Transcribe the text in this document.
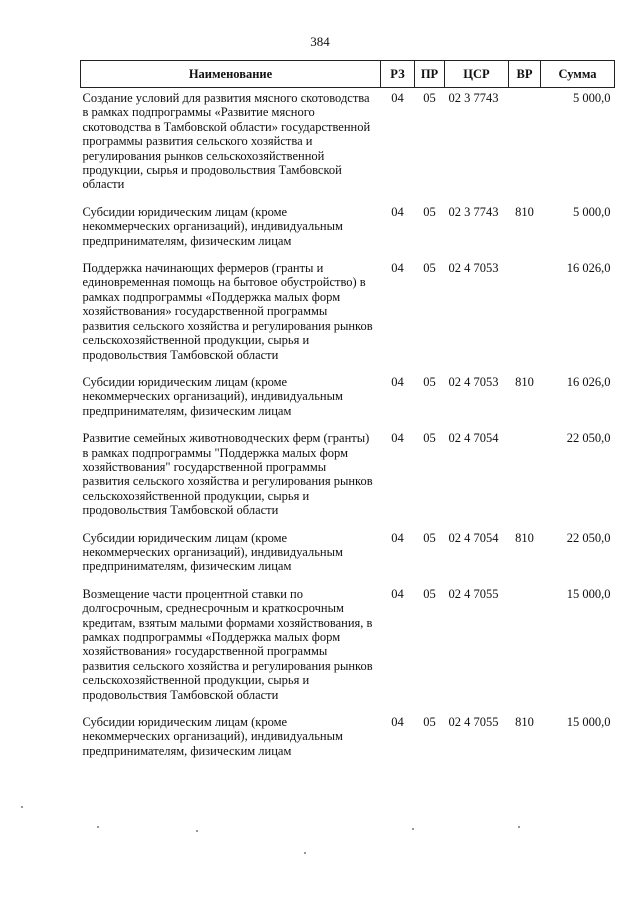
384
Наименование	РЗ	ПР	ЦСР	ВР	Сумма
Создание условий для развития мясного скотоводства в рамках подпрограммы «Развитие мясного скотоводства в Тамбовской области» государственной программы развития сельского хозяйства и регулирования рынков сельскохозяйственной продукции, сырья и продовольствия Тамбовской области	04	05	02 3 7743		5 000,0
Субсидии юридическим лицам (кроме некоммерческих организаций), индивидуальным предпринимателям, физическим лицам	04	05	02 3 7743	810	5 000,0
Поддержка начинающих фермеров (гранты и единовременная помощь на бытовое обустройство) в рамках подпрограммы «Поддержка малых форм хозяйствования» государственной программы развития сельского хозяйства и регулирования рынков сельскохозяйственной продукции, сырья и продовольствия Тамбовской области	04	05	02 4 7053		16 026,0
Субсидии юридическим лицам (кроме некоммерческих организаций), индивидуальным предпринимателям, физическим лицам	04	05	02 4 7053	810	16 026,0
Развитие семейных животноводческих ферм (гранты) в рамках подпрограммы "Поддержка малых форм хозяйствования" государственной программы развития сельского хозяйства и регулирования рынков сельскохозяйственной продукции, сырья и продовольствия Тамбовской области	04	05	02 4 7054		22 050,0
Субсидии юридическим лицам (кроме некоммерческих организаций), индивидуальным предпринимателям, физическим лицам	04	05	02 4 7054	810	22 050,0
Возмещение части процентной ставки по долгосрочным, среднесрочным и краткосрочным кредитам, взятым малыми формами хозяйствования, в рамках подпрограммы «Поддержка малых форм хозяйствования» государственной программы развития сельского хозяйства и регулирования рынков сельскохозяйственной продукции, сырья и продовольствия Тамбовской области	04	05	02 4 7055		15 000,0
Субсидии юридическим лицам (кроме некоммерческих организаций), индивидуальным предпринимателям, физическим лицам	04	05	02 4 7055	810	15 000,0
